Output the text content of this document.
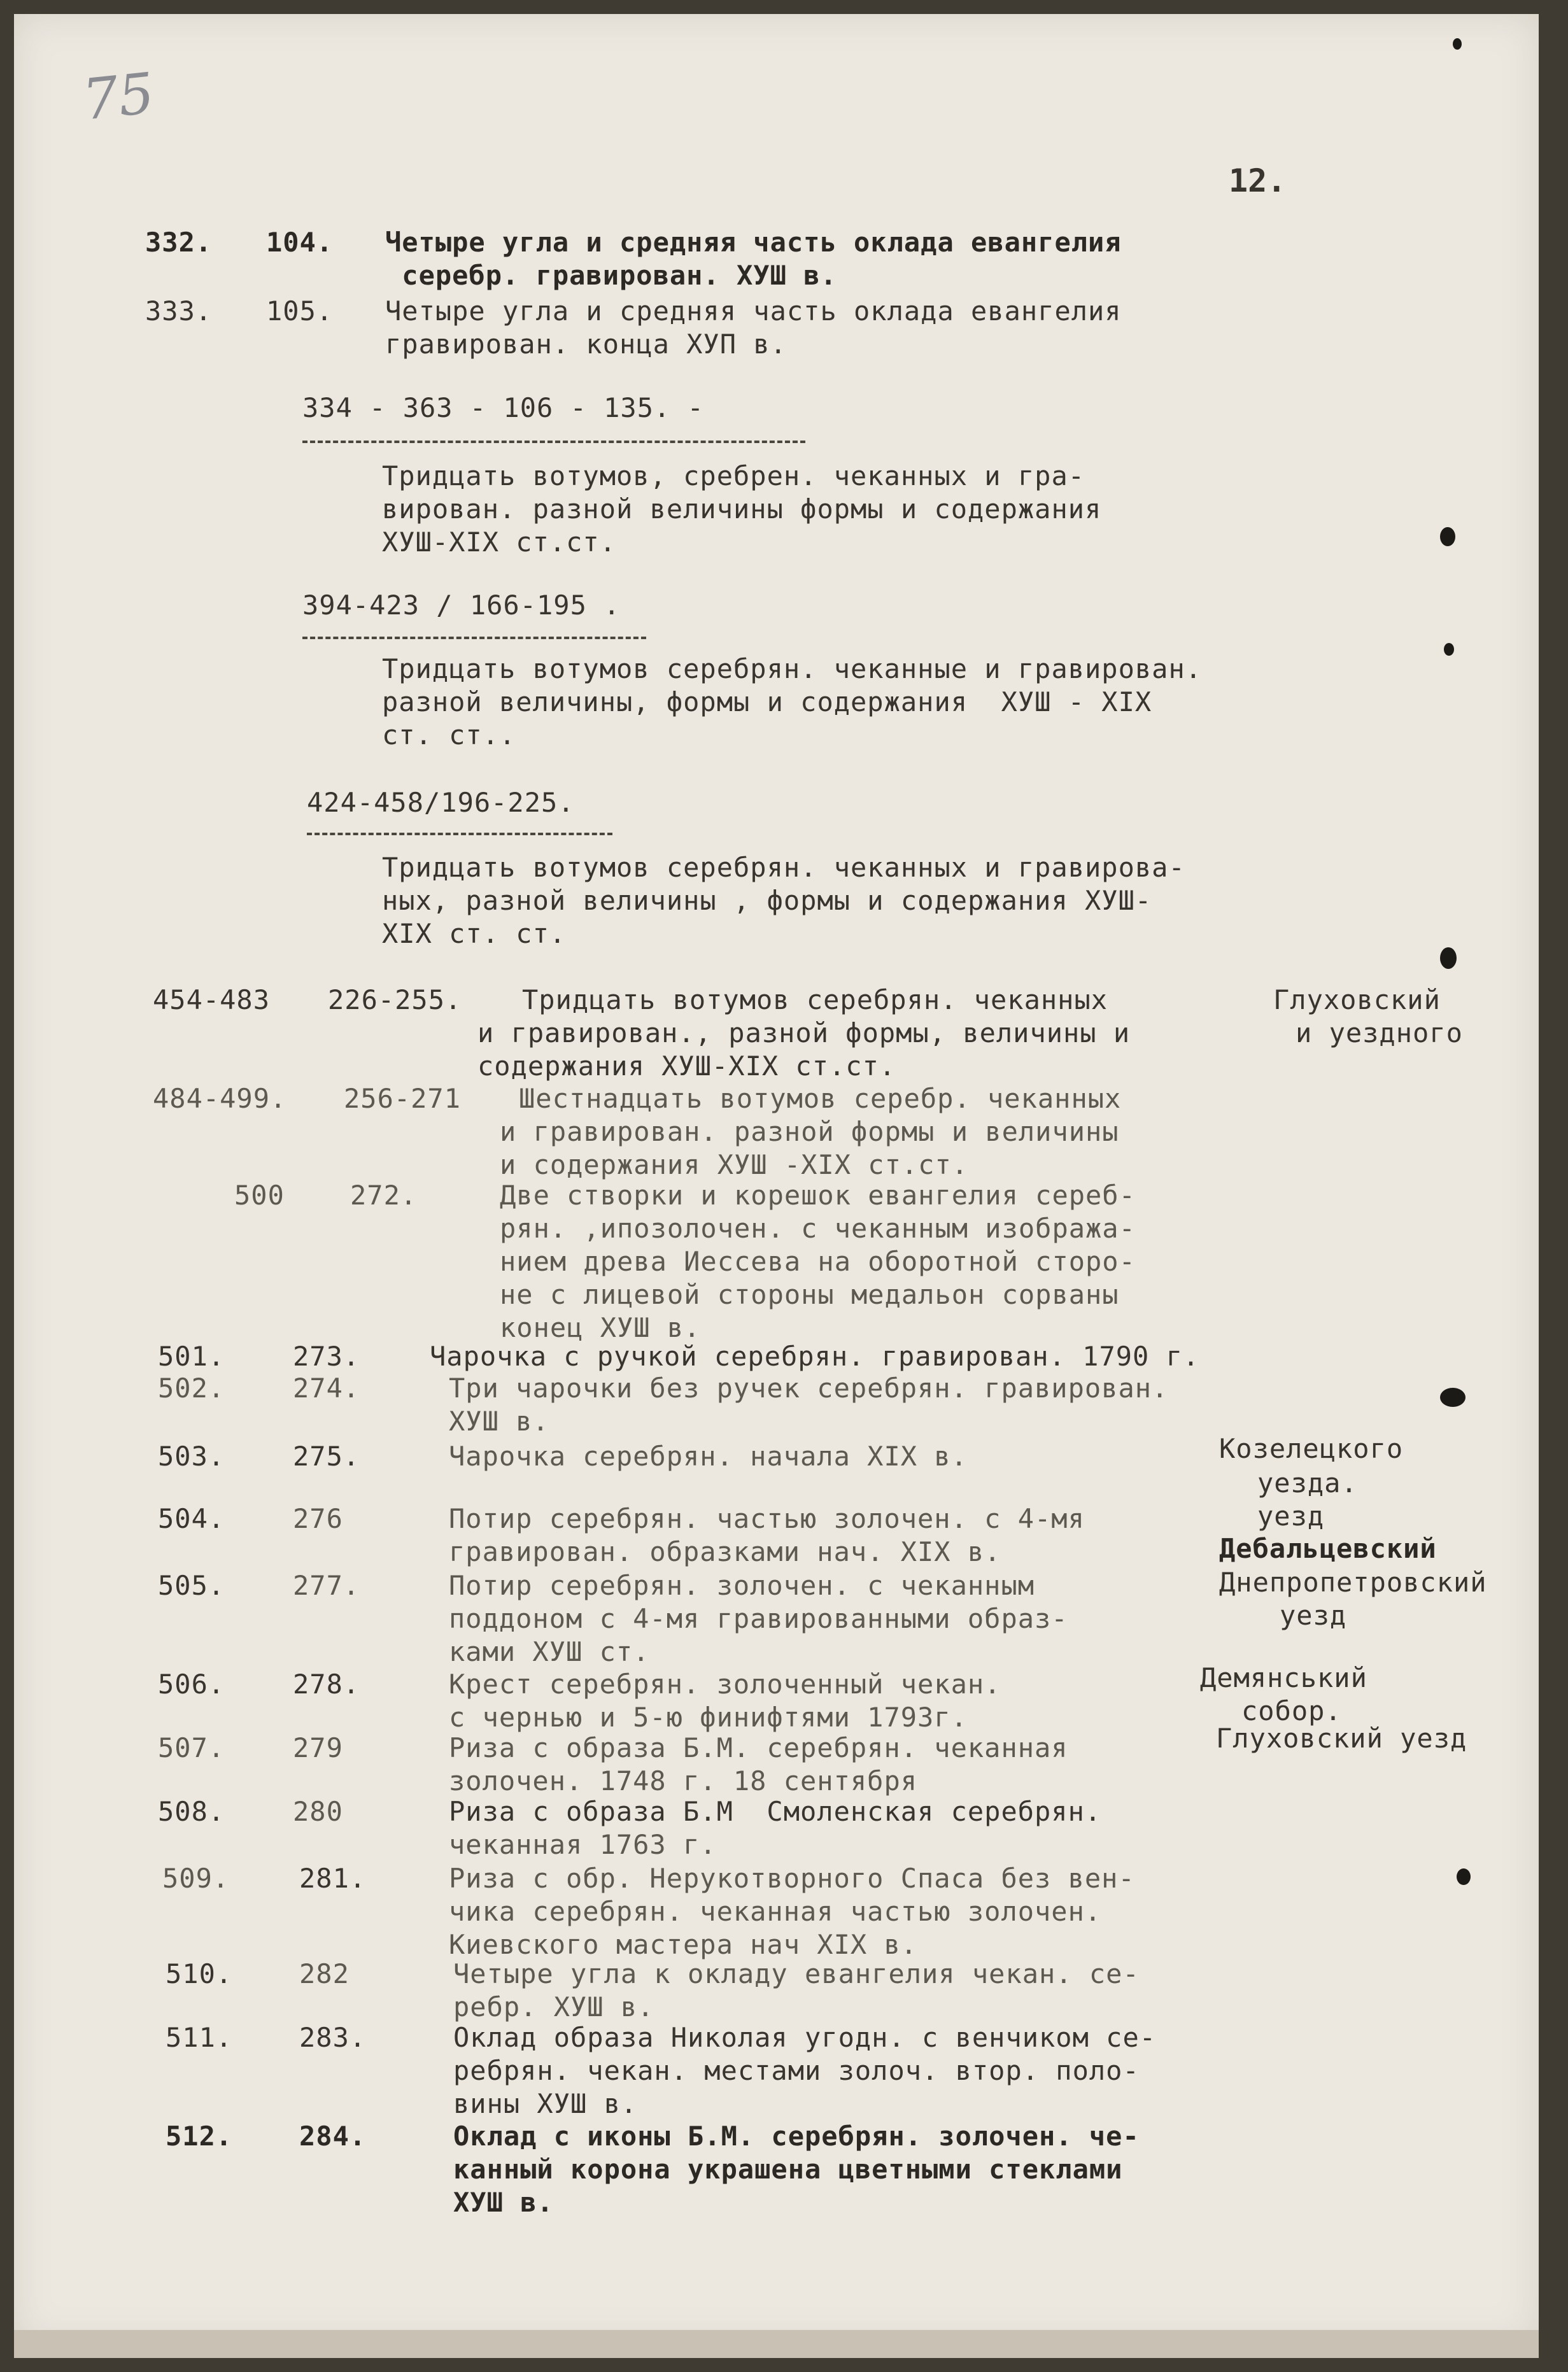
75
12.
332. 104. Четыре угла и средняя часть оклада евангелия
серебр. гравирован. ХУШ в.
333. 105. Четыре угла и средняя часть оклада евангелия
гравирован. конца ХУП в.
334 - 363 - 106 - 135. -
Тридцать вотумов, сребрен. чеканных и гра-
вирован. разной величины формы и содержания
ХУШ-ХIХ ст.ст.
394-423 / 166-195 .
Тридцать вотумов серебрян. чеканные и гравирован.
разной величины, формы и содержания  ХУШ - ХIХ
ст. ст..
424-458/196-225.
Тридцать вотумов серебрян. чеканных и гравирова-
ных, разной величины , формы и содержания ХУШ-
ХIХ ст. ст.
454-483 226-255. Тридцать вотумов серебрян. чеканных
и гравирован., разной формы, величины и
содержания ХУШ-ХIХ ст.ст.
Глуховский
и уездного
484-499. 256-271 Шестнадцать вотумов серебр. чеканных
и гравирован. разной формы и величины
и содержания ХУШ -ХIХ ст.ст.
500 272.	Две створки и корешок евангелия сереб-
рян. ,ипозолочен. с чеканным изобража-
нием древа Иессева на оборотной сторо-
не с лицевой стороны медальон сорваны
конец ХУШ в.
501.	273.	Чарочка с ручкой серебрян. гравирован. 1790 г.
502.	274.	Три чарочки без ручек серебрян. гравирован.
ХУШ в.
503.	275.	Чарочка серебрян. начала ХIХ в.	Козелецкого
уезда.
уезд
504.	276	Потир серебрян. частью золочен. с 4-мя
гравирован. образками нач. ХIХ в.	Дебальцевский
505.	277.	Потир серебрян. золочен. с чеканным
поддоном с 4-мя гравированными образ-
ками ХУШ ст.
Днепропетровский
уезд
506.	278.	Крест серебрян. золоченный чекан.
с чернью и 5-ю финифтями 1793г.
Демянський
собор.
507.	279	Риза с образа Б.М. серебрян. чеканная
золочен. 1748 г. 18 сентября
Глуховский уезд
508.	280	Риза с образа Б.М  Смоленская серебрян.
чеканная 1763 г.
509.	281.	Риза с обр. Нерукотворного Спаса без вен-
чика серебрян. чеканная частью золочен.
Киевского мастера нач ХIХ в.
510. 282	Четыре угла к окладу евангелия чекан. се-
ребр. ХУШ в.
511. 283.	Оклад образа Николая угодн. с венчиком се-
ребрян. чекан. местами золоч. втор. поло-
вины ХУШ в.
512. 284.	Оклад с иконы Б.М. серебрян. золочен. че-
канный корона украшена цветными стеклами
ХУШ в.
